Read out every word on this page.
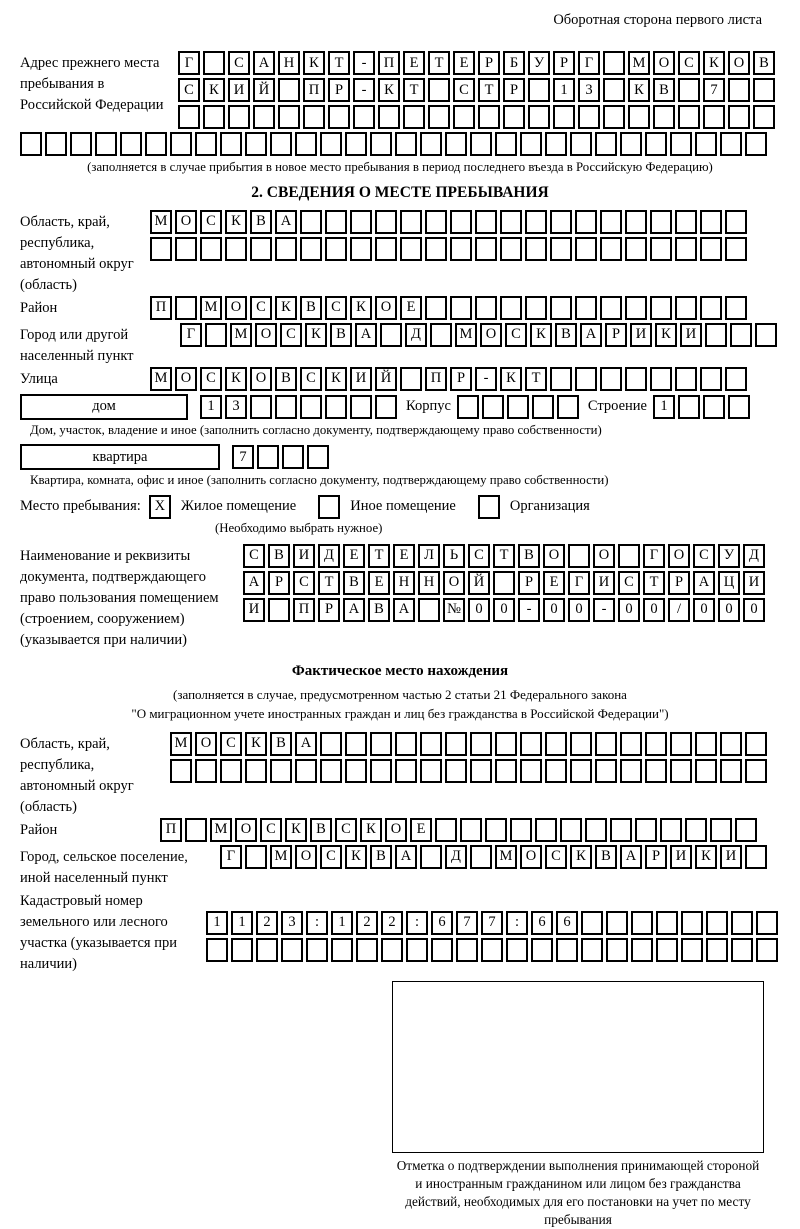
Оборотная сторона первого листа
Адрес прежнего места пребывания в Российской Федерации
Г	С	А	Н	К	Т	-	П	Е	Т	Е	Р	Б	У	Р	Г	М О	С	К	О	В
С	К	И	Й	П	Р	-	К	Т	С	Т	Р	1	3	К	В	7
(заполняется в случае прибытия в новое место пребывания в период последнего въезда в Российскую Федерацию)
2. СВЕДЕНИЯ О МЕСТЕ ПРЕБЫВАНИЯ
Область, край, республика, автономный округ (область)
М О	С	К	В	А
Район	П	М О	С	К	В	С	К	О	Е
Город или другой населенный пункт
Г	М О	С	К	В	А	Д	М О	С	К	В	А	Р	И	К	И
Улица	М О	С	К	О	В	С	К	И	Й	П	Р	-	К	Т
дом	1	3	Корпус	Строение 1
Дом, участок, владение и иное (заполнить согласно документу, подтверждающему право собственности)
квартира	7
Квартира, комната, офис и иное (заполнить согласно документу, подтверждающему право собственности)
Место пребывания: X	Жилое помещение	Иное помещение	Организация
(Необходимо выбрать нужное)
Наименование и реквизиты документа, подтверждающего право пользования помещением (строением, сооружением) (указывается при наличии)
С	В	И	Д	Е	Т	Е	Л	Ь	С	Т	В	О	О	Г	О	С	У	Д
А	Р	С	Т	В	Е	Н	Н	О	Й	Р	Е	Г	И	С	Т	Р	А	Ц	И
И	П	Р	А	В	А	№ 0	0	-	0	0	-	0	0	/	0	0	0
Фактическое место нахождения
(заполняется в случае, предусмотренном частью 2 статьи 21 Федерального закона
"О миграционном учете иностранных граждан и лиц без гражданства в Российской Федерации")
Область, край, республика, автономный округ (область)
М О	С	К	В	А
Район	П	М О	С	К	В	С	К	О	Е
Город, сельское поселение, иной населенный пункт
Г	М О	С	К	В	А	Д	М О	С	К	В	А	Р	И	К	И
Кадастровый номер земельного или лесного участка (указывается при наличии)
1	1	2	3	:	1	2	2	:	6	7	7	:	6	6
Отметка о подтверждении выполнения принимающей стороной и иностранным гражданином или лицом без гражданства действий, необходимых для его постановки на учет по месту пребывания
